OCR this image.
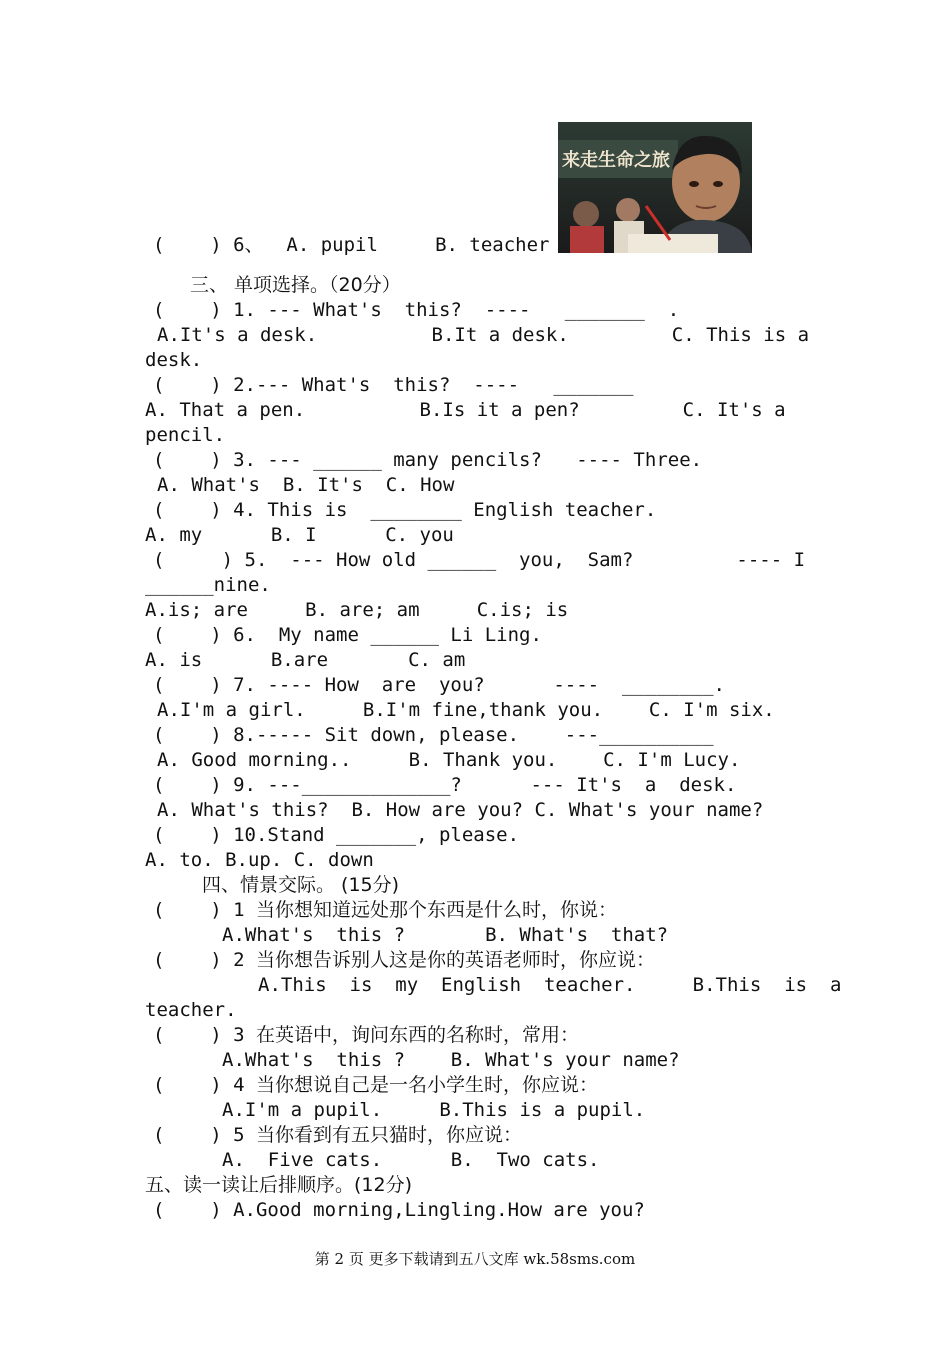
(    ) 6、  A. pupil     B. teacher
三、 单项选择。（20分）
(    ) 1. --- What's  this?  ----   _______  .
A.It's a desk.          B.It a desk.         C. This is a
desk.
(    ) 2.--- What's  this?  ----   _______
A. That a pen.          B.Is it a pen?         C. It's a
pencil.
(    ) 3. --- ______ many pencils?   ---- Three.
A. What's  B. It's  C. How
(    ) 4. This is  ________ English teacher.
A. my      B. I      C. you
(     ) 5.  --- How old ______  you,  Sam?         ---- I
______nine.
A.is; are     B. are; am     C.is; is
(    ) 6.  My name ______ Li Ling.
A. is      B.are       C. am
(    ) 7. ---- How  are  you?      ----  ________.
A.I'm a girl.     B.I'm fine,thank you.    C. I'm six.
(    ) 8.----- Sit down, please.    ---__________
A. Good morning..     B. Thank you.    C. I'm Lucy.
(    ) 9. ---_____________?      --- It's  a  desk.
A. What's this?  B. How are you? C. What's your name?
(    ) 10.Stand _______, please.
A. to. B.up. C. down
四、情景交际。 (15分)
(    ) 1 当你想知道远处那个东西是什么时，你说：
A.What's  this ?       B. What's  that?
(    ) 2 当你想告诉别人这是你的英语老师时，你应说：
A.This  is  my  English  teacher.     B.This  is  a
teacher.
(    ) 3 在英语中，询问东西的名称时，常用：
A.What's  this ?    B. What's your name?
(    ) 4 当你想说自己是一名小学生时，你应说：
A.I'm a pupil.     B.This is a pupil.
(    ) 5 当你看到有五只猫时，你应说：
A.  Five cats.      B.  Two cats.
五、读一读让后排顺序。(12分)
(    ) A.Good morning,Lingling.How are you?
来走生命之旅
第 2 页 更多下载请到五八文库 wk.58sms.com
